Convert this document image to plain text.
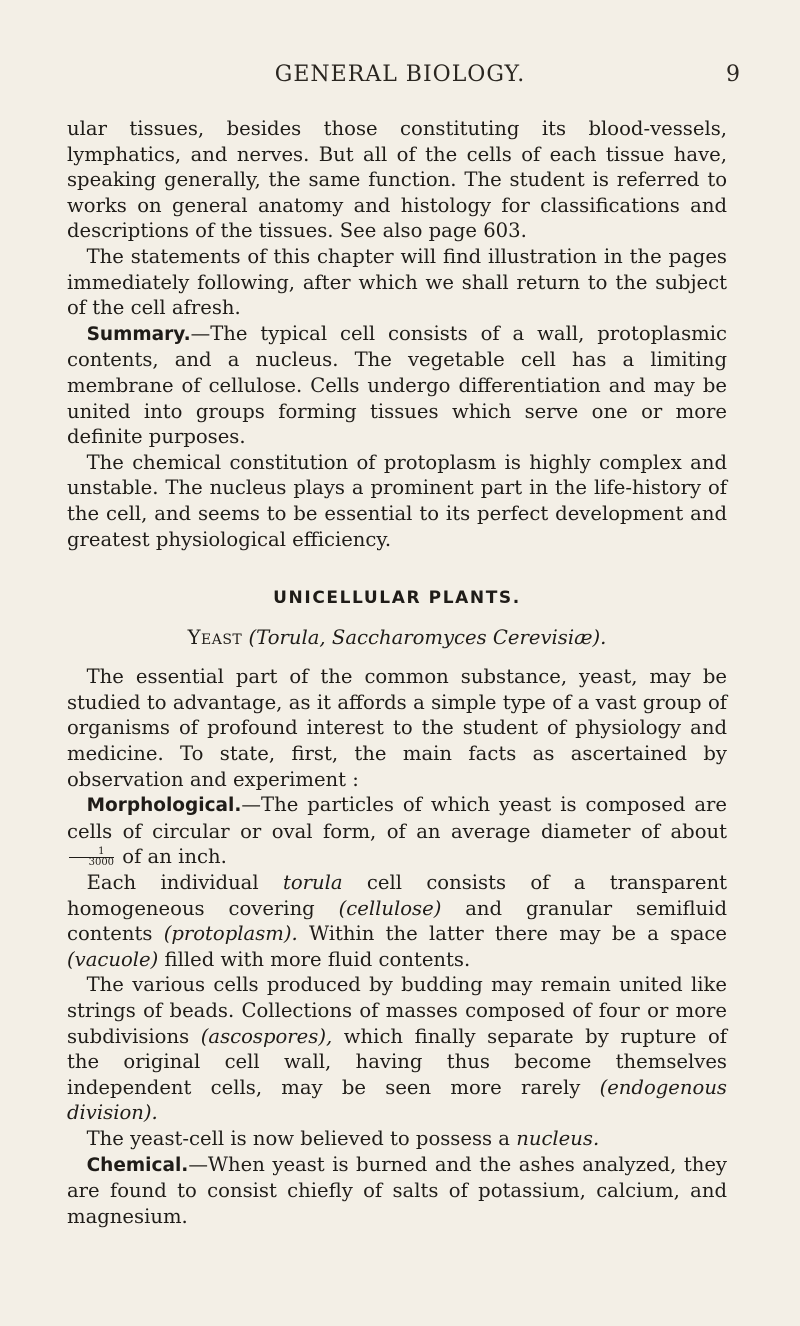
GENERAL BIOLOGY.	9

ular tissues, besides those constituting its blood-vessels, lymphatics, and nerves. But all of the cells of each tissue have, speaking generally, the same function. The student is referred to works on general anatomy and histology for classifications and descriptions of the tissues. See also page 603.

The statements of this chapter will find illustration in the pages immediately following, after which we shall return to the subject of the cell afresh.

Summary.—The typical cell consists of a wall, protoplasmic contents, and a nucleus. The vegetable cell has a limiting membrane of cellulose. Cells undergo differentiation and may be united into groups forming tissues which serve one or more definite purposes.

The chemical constitution of protoplasm is highly complex and unstable. The nucleus plays a prominent part in the life-history of the cell, and seems to be essential to its perfect development and greatest physiological efficiency.

UNICELLULAR PLANTS.
Yeast (Torula, Saccharomyces Cerevisiæ).

The essential part of the common substance, yeast, may be studied to advantage, as it affords a simple type of a vast group of organisms of profound interest to the student of physiology and medicine. To state, first, the main facts as ascertained by observation and experiment :

Morphological.—The particles of which yeast is composed are cells of circular or oval form, of an average diameter of about
$\frac{1}{3000}$ of an inch.

Each individual torula cell consists of a transparent homogeneous covering (cellulose) and granular semifluid contents (protoplasm). Within the latter there may be a space (vacuole) filled with more fluid contents.

The various cells produced by budding may remain united like strings of beads. Collections of masses composed of four or more subdivisions (ascospores), which finally separate by rupture of the original cell wall, having thus become themselves independent cells, may be seen more rarely (endogenous division).

The yeast-cell is now believed to possess a nucleus.

Chemical.—When yeast is burned and the ashes analyzed, they are found to consist chiefly of salts of potassium, calcium, and magnesium.
